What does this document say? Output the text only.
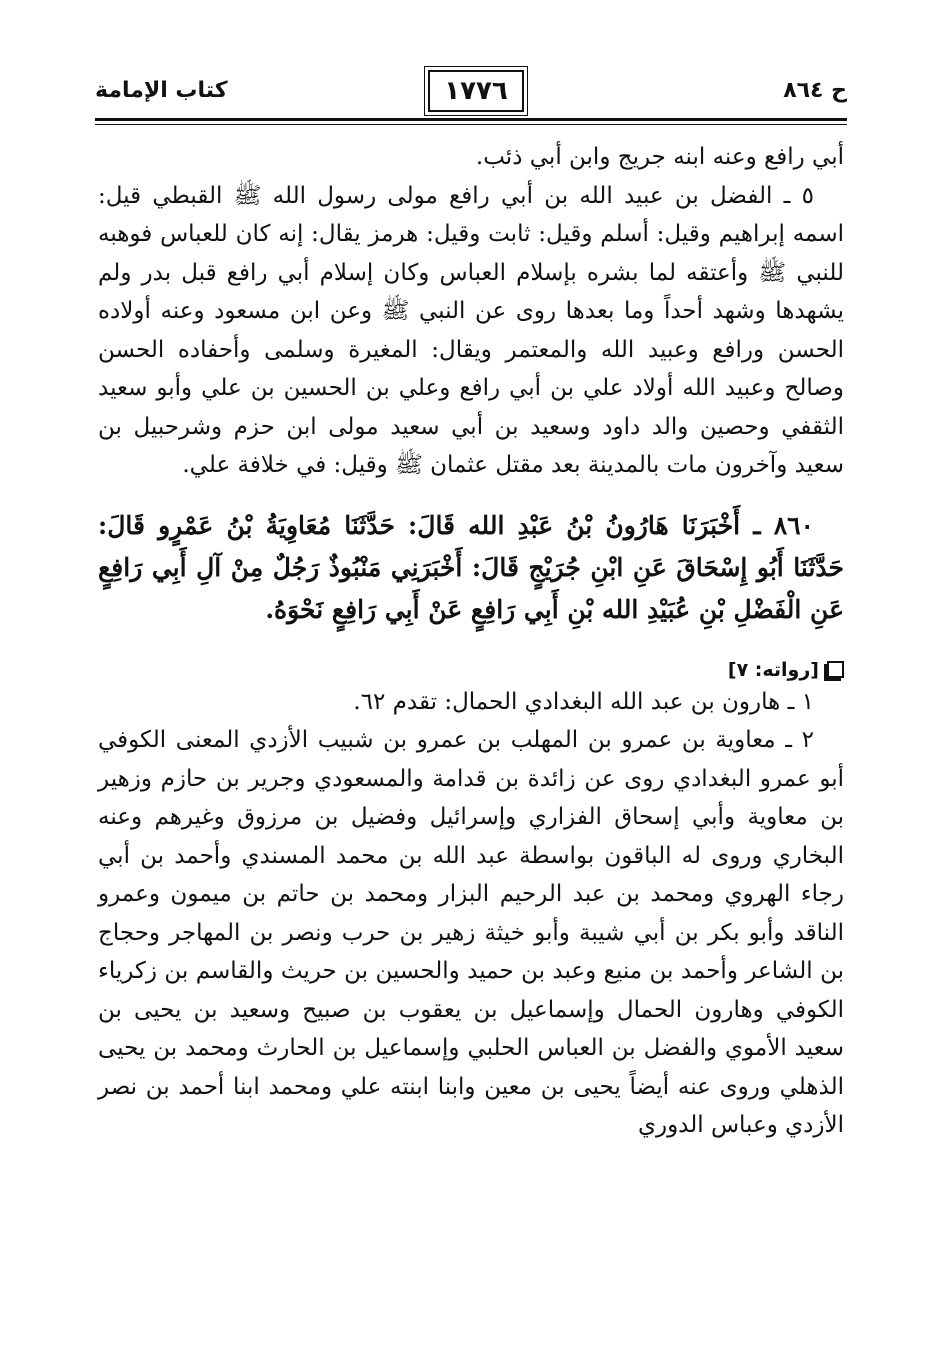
كتاب الإمامة	١٧٧٦	ح ٨٦٤

أبي رافع وعنه ابنه جريج وابن أبي ذئب.

٥ ـ الفضل بن عبيد الله بن أبي رافع مولى رسول الله ﷺ القبطي قيل: اسمه إبراهيم وقيل: أسلم وقيل: ثابت وقيل: هرمز يقال: إنه كان للعباس فوهبه للنبي ﷺ وأعتقه لما بشره بإسلام العباس وكان إسلام أبي رافع قبل بدر ولم يشهدها وشهد أحداً وما بعدها روى عن النبي ﷺ وعن ابن مسعود وعنه أولاده الحسن ورافع وعبيد الله والمعتمر ويقال: المغيرة وسلمى وأحفاده الحسن وصالح وعبيد الله أولاد علي بن أبي رافع وعلي بن الحسين بن علي وأبو سعيد الثقفي وحصين والد داود وسعيد بن أبي سعيد مولى ابن حزم وشرحبيل بن سعيد وآخرون مات بالمدينة بعد مقتل عثمان ﷺ وقيل: في خلافة علي.

٨٦٠ ـ أَخْبَرَنَا هَارُونُ بْنُ عَبْدِ الله قَالَ: حَدَّثَنَا مُعَاوِيَةُ بْنُ عَمْرٍو قَالَ: حَدَّثَنَا أَبُو إِسْحَاقَ عَنِ ابْنِ جُرَيْجٍ قَالَ: أَخْبَرَنِي مَنْبُوذٌ رَجُلٌ مِنْ آلِ أَبِي رَافِعٍ عَنِ الْفَضْلِ بْنِ عُبَيْدِ الله بْنِ أَبِي رَافِعٍ عَنْ أَبِي رَافِعٍ نَحْوَهُ.

[رواته: ٧]

١ ـ هارون بن عبد الله البغدادي الحمال: تقدم ٦٢.

٢ ـ معاوية بن عمرو بن المهلب بن عمرو بن شبيب الأزدي المعنى الكوفي أبو عمرو البغدادي روى عن زائدة بن قدامة والمسعودي وجرير بن حازم وزهير بن معاوية وأبي إسحاق الفزاري وإسرائيل وفضيل بن مرزوق وغيرهم وعنه البخاري وروى له الباقون بواسطة عبد الله بن محمد المسندي وأحمد بن أبي رجاء الهروي ومحمد بن عبد الرحيم البزار ومحمد بن حاتم بن ميمون وعمرو الناقد وأبو بكر بن أبي شيبة وأبو خيثة زهير بن حرب ونصر بن المهاجر وحجاج بن الشاعر وأحمد بن منيع وعبد بن حميد والحسين بن حريث والقاسم بن زكرياء الكوفي وهارون الحمال وإسماعيل بن يعقوب بن صبيح وسعيد بن يحيى بن سعيد الأموي والفضل بن العباس الحلبي وإسماعيل بن الحارث ومحمد بن يحيى الذهلي وروى عنه أيضاً يحيى بن معين وابنا ابنته علي ومحمد ابنا أحمد بن نصر الأزدي وعباس الدوري
